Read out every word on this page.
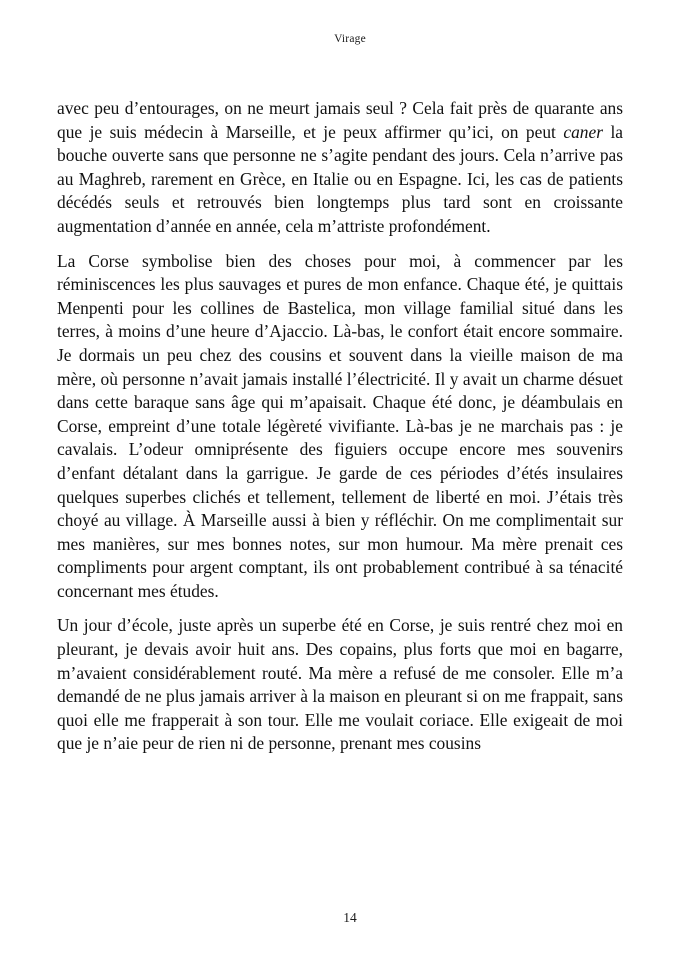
Virage

avec peu d’entourages, on ne meurt jamais seul ? Cela fait près de quarante ans que je suis médecin à Marseille, et je peux affirmer qu’ici, on peut caner la bouche ouverte sans que personne ne s’agite pendant des jours. Cela n’arrive pas au Maghreb, rarement en Grèce, en Italie ou en Espagne. Ici, les cas de patients décédés seuls et retrouvés bien longtemps plus tard sont en croissante augmentation d’année en année, cela m’attriste profondément.

La Corse symbolise bien des choses pour moi, à commencer par les réminiscences les plus sauvages et pures de mon enfance. Chaque été, je quittais Menpenti pour les collines de Bastelica, mon village familial situé dans les terres, à moins d’une heure d’Ajaccio. Là-bas, le confort était encore sommaire. Je dormais un peu chez des cousins et souvent dans la vieille maison de ma mère, où personne n’avait jamais installé l’électricité. Il y avait un charme désuet dans cette baraque sans âge qui m’apaisait. Chaque été donc, je déambulais en Corse, empreint d’une totale légèreté vivifiante. Là-bas je ne marchais pas : je cavalais. L’odeur omniprésente des figuiers occupe encore mes souvenirs d’enfant détalant dans la garrigue. Je garde de ces périodes d’étés insulaires quelques superbes clichés et tellement, tellement de liberté en moi. J’étais très choyé au village. À Marseille aussi à bien y réfléchir. On me complimentait sur mes manières, sur mes bonnes notes, sur mon humour. Ma mère prenait ces compliments pour argent comptant, ils ont probablement contribué à sa ténacité concernant mes études.

Un jour d’école, juste après un superbe été en Corse, je suis rentré chez moi en pleurant, je devais avoir huit ans. Des copains, plus forts que moi en bagarre, m’avaient considérablement routé. Ma mère a refusé de me consoler. Elle m’a demandé de ne plus jamais arriver à la maison en pleurant si on me frappait, sans quoi elle me frapperait à son tour. Elle me voulait coriace. Elle exigeait de moi que je n’aie peur de rien ni de personne, prenant mes cousins

14
